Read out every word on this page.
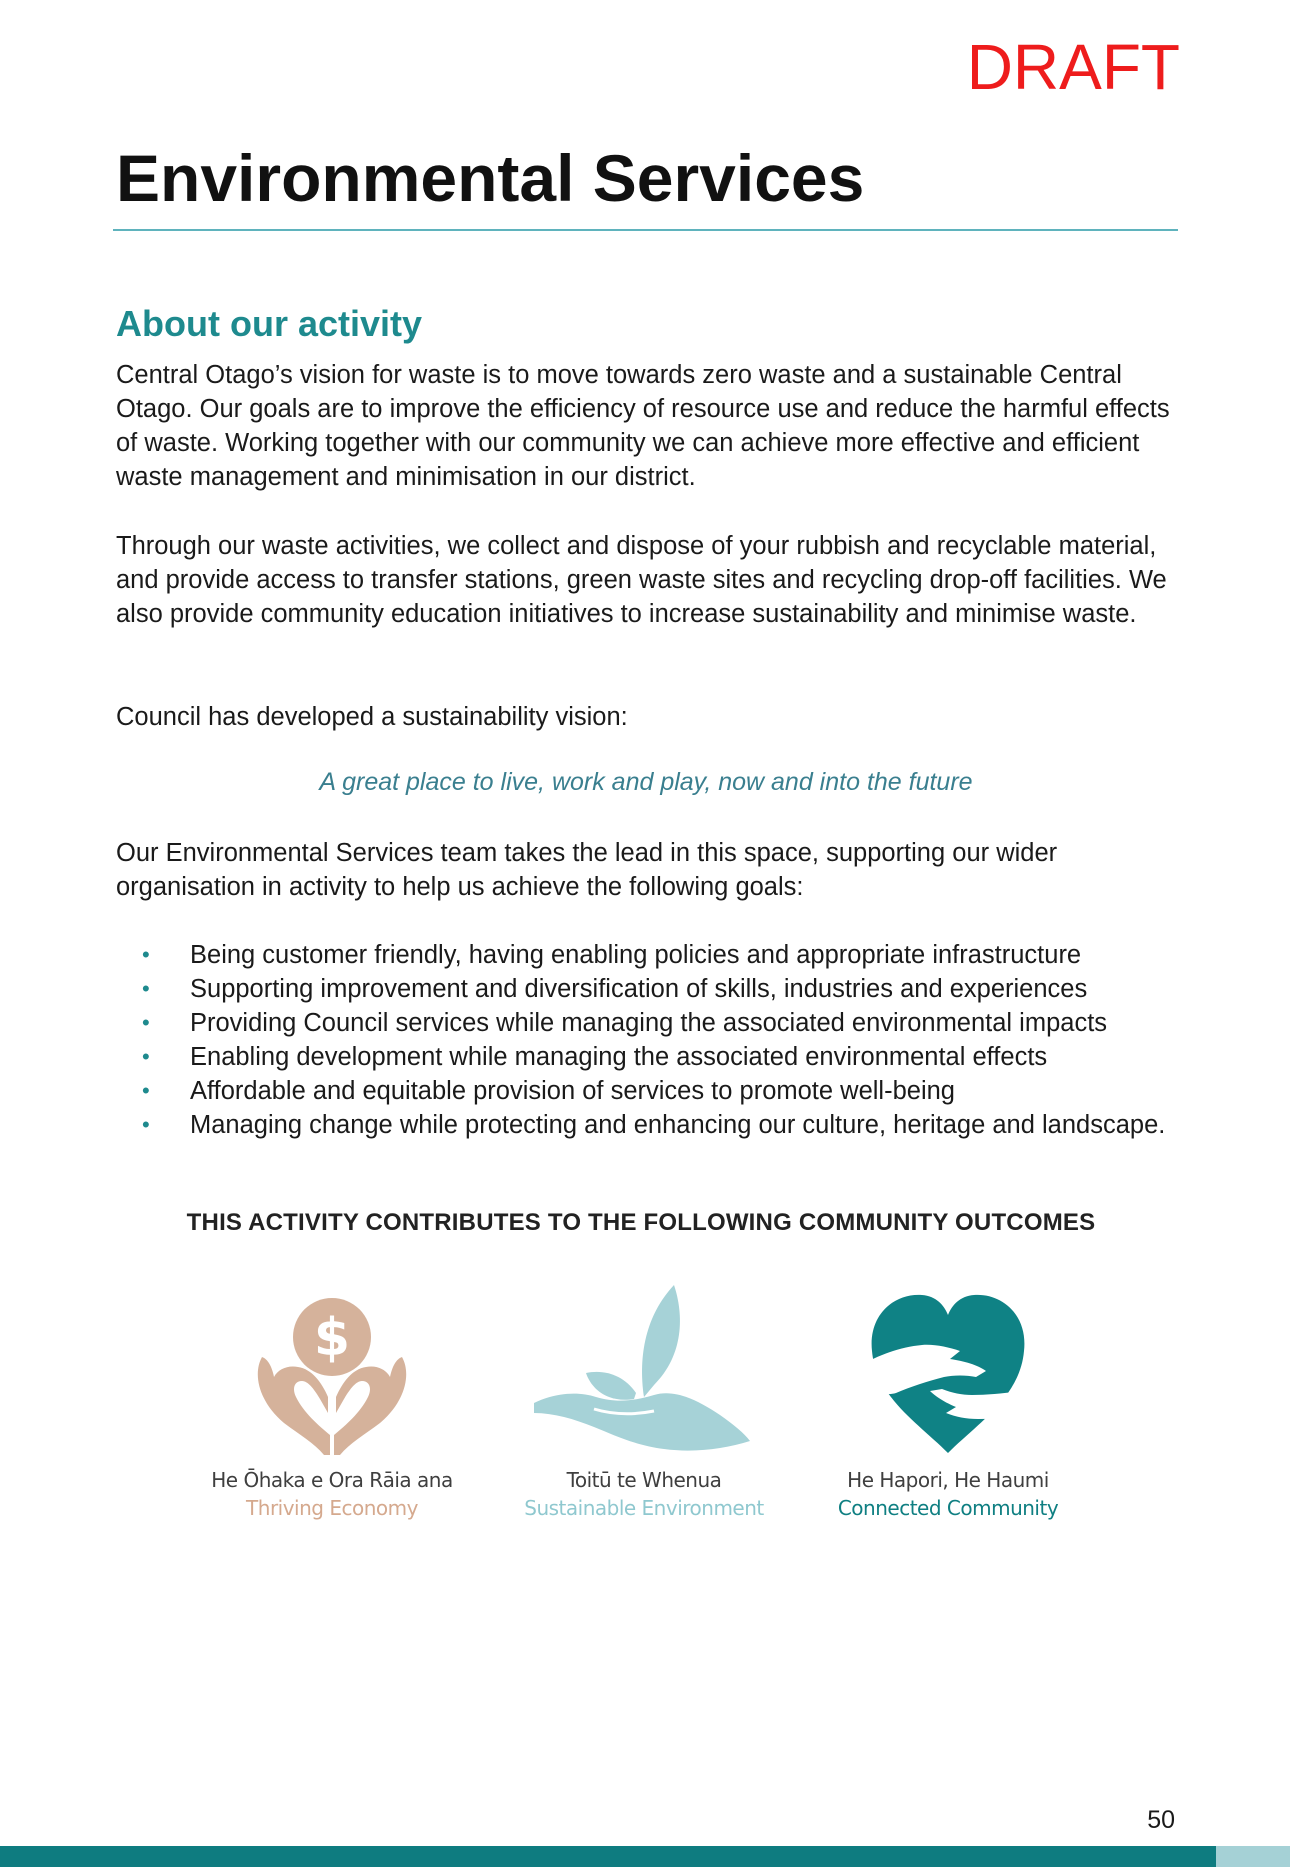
DRAFT
Environmental Services
About our activity

Central Otago’s vision for waste is to move towards zero waste and a sustainable Central Otago. Our goals are to improve the efficiency of resource use and reduce the harmful effects of waste. Working together with our community we can achieve more effective and efficient waste management and minimisation in our district.

Through our waste activities, we collect and dispose of your rubbish and recyclable material, and provide access to transfer stations, green waste sites and recycling drop-off facilities. We also provide community education initiatives to increase sustainability and minimise waste.

Council has developed a sustainability vision:

A great place to live, work and play, now and into the future

Our Environmental Services team takes the lead in this space, supporting our wider organisation in activity to help us achieve the following goals:

• Being customer friendly, having enabling policies and appropriate infrastructure
• Supporting improvement and diversification of skills, industries and experiences
• Providing Council services while managing the associated environmental impacts
• Enabling development while managing the associated environmental effects
• Affordable and equitable provision of services to promote well-being
• Managing change while protecting and enhancing our culture, heritage and landscape.
THIS ACTIVITY CONTRIBUTES TO THE FOLLOWING COMMUNITY OUTCOMES
$
He Ōhaka e Ora Rāia ana
Thriving Economy
Toitū te Whenua
Sustainable Environment
He Hapori, He Haumi
Connected Community
50
